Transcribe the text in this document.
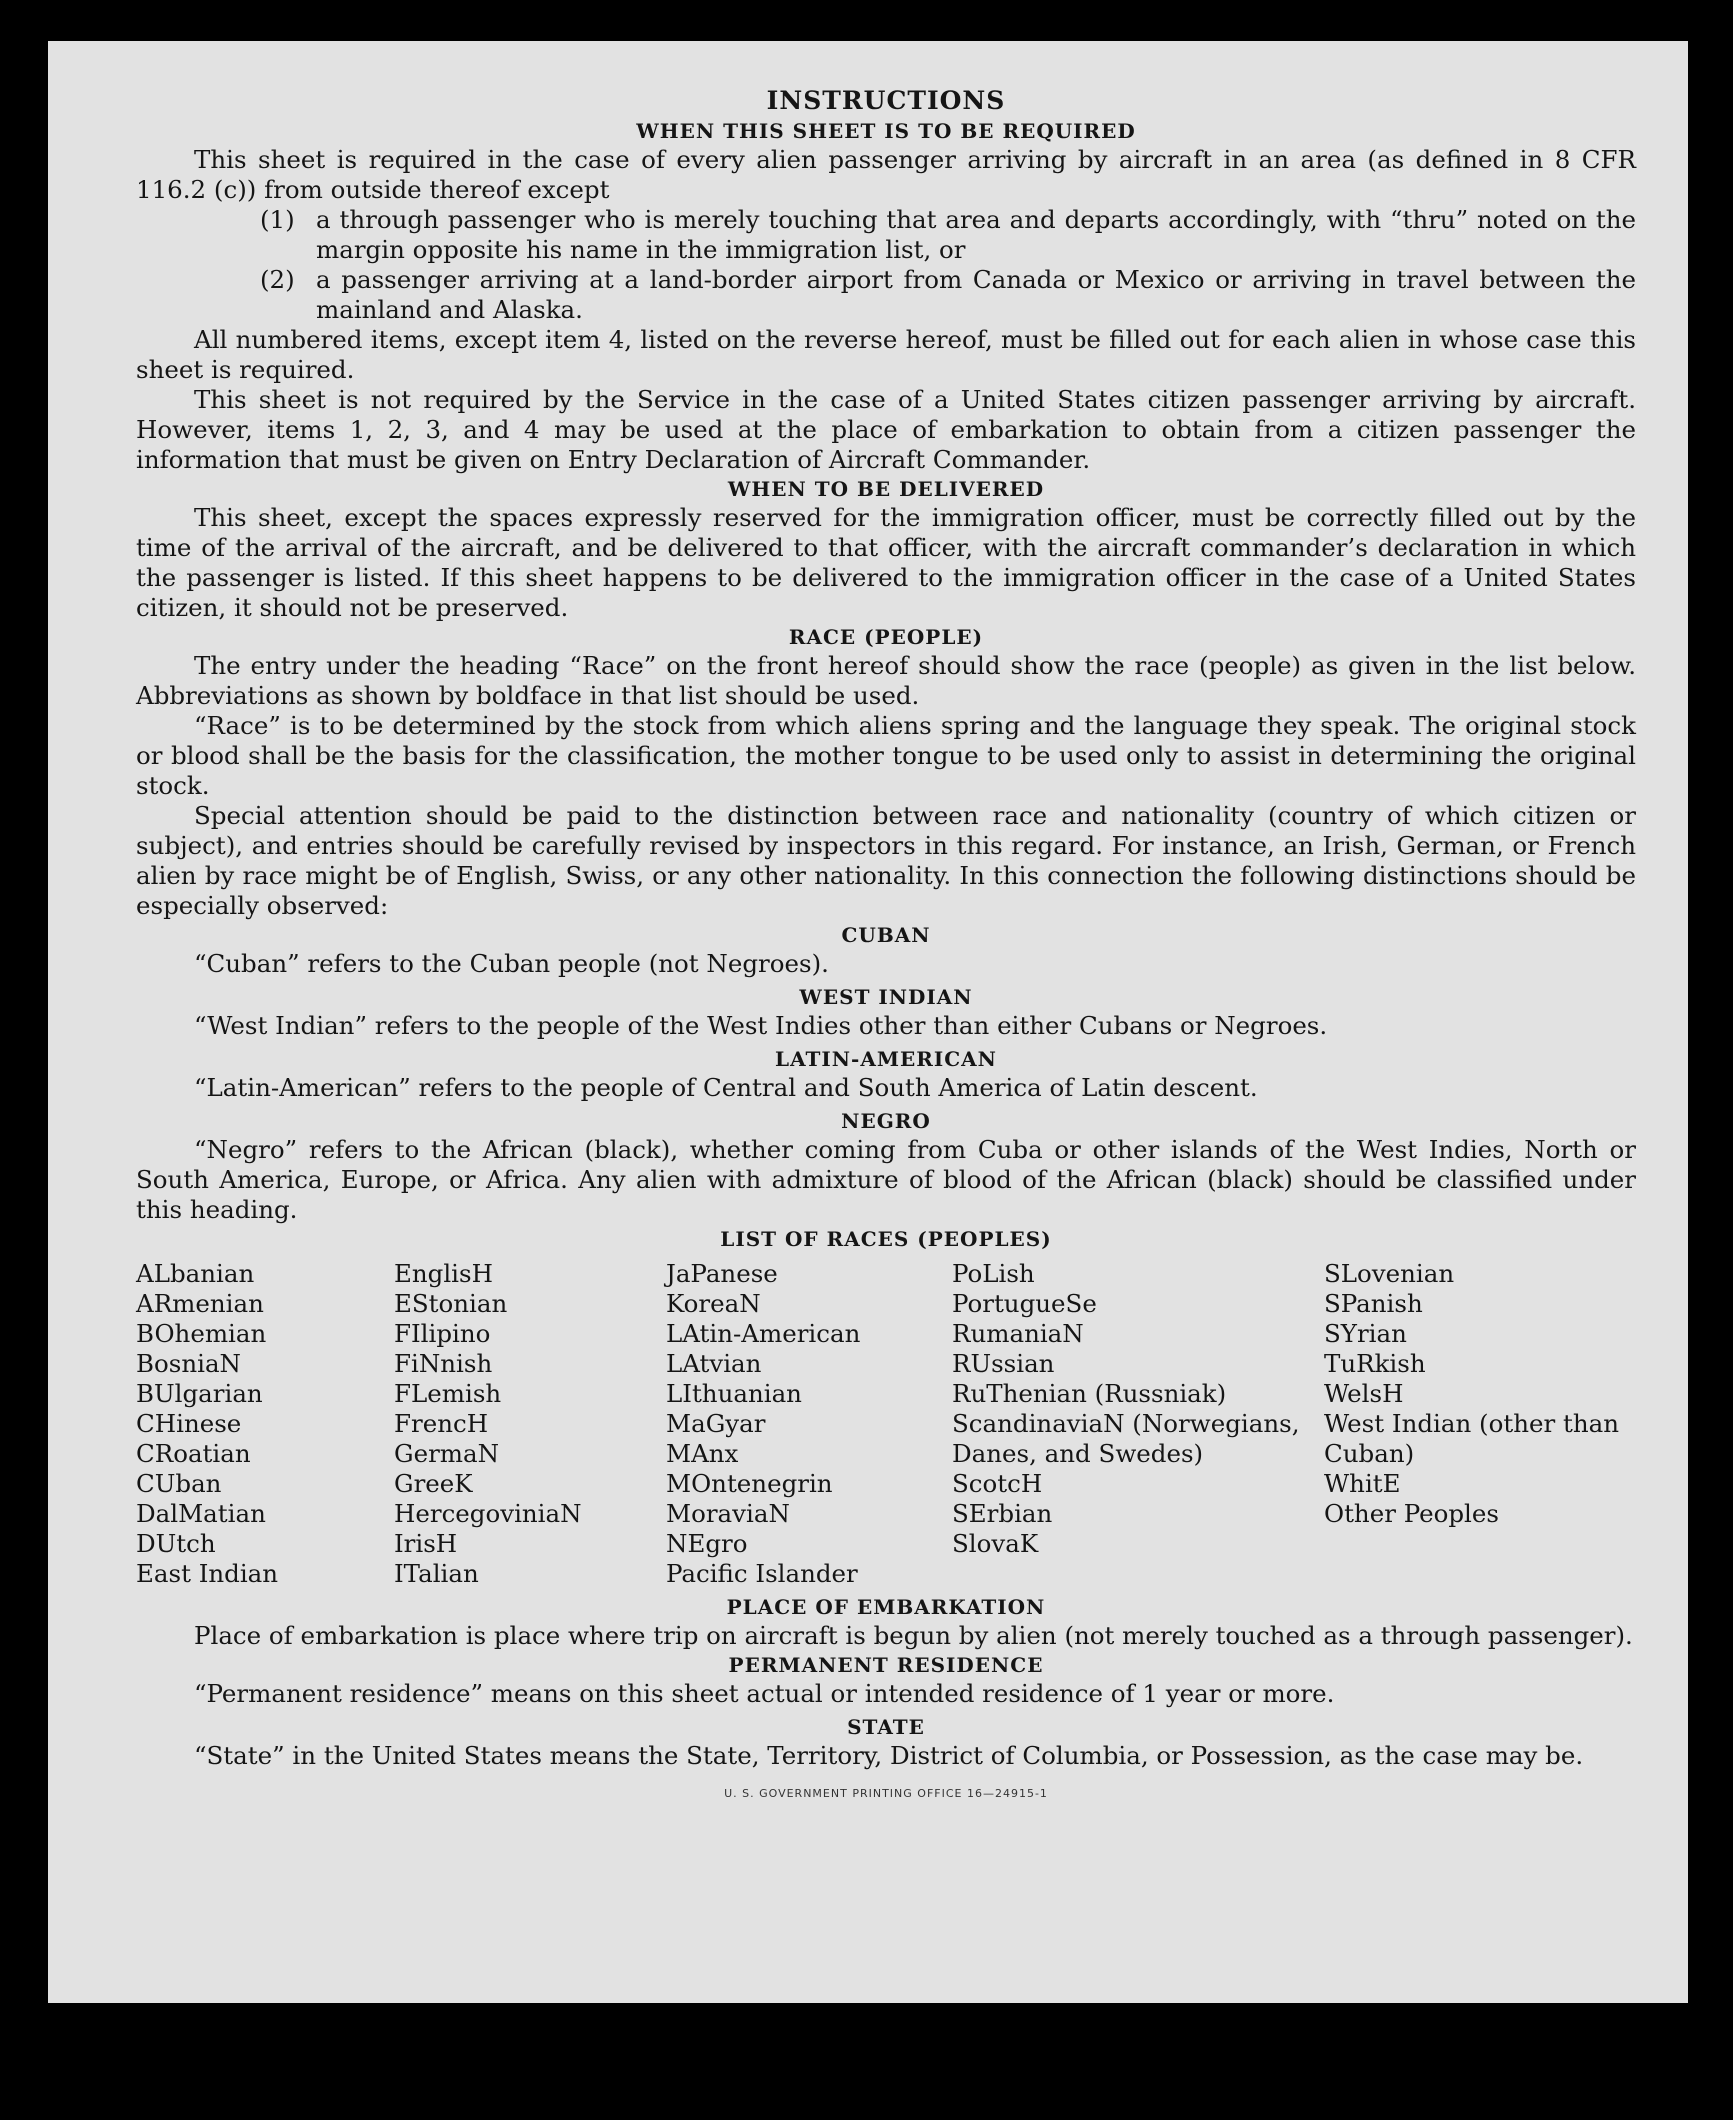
INSTRUCTIONS

WHEN THIS SHEET IS TO BE REQUIRED

This sheet is required in the case of every alien passenger arriving by aircraft in an area (as defined in 8 CFR 116.2 (c)) from outside thereof except

(1) a through passenger who is merely touching that area and departs accordingly, with “thru” noted on the margin opposite his name in the immigration list, or
(2) a passenger arriving at a land-border airport from Canada or Mexico or arriving in travel between the mainland and Alaska.

All numbered items, except item 4, listed on the reverse hereof, must be filled out for each alien in whose case this sheet is required.

This sheet is not required by the Service in the case of a United States citizen passenger arriving by aircraft. However, items 1, 2, 3, and 4 may be used at the place of embarkation to obtain from a citizen passenger the information that must be given on Entry Declaration of Aircraft Commander.

WHEN TO BE DELIVERED

This sheet, except the spaces expressly reserved for the immigration officer, must be correctly filled out by the time of the arrival of the aircraft, and be delivered to that officer, with the aircraft commander’s declaration in which the passenger is listed. If this sheet happens to be delivered to the immigration officer in the case of a United States citizen, it should not be preserved.

RACE (PEOPLE)

The entry under the heading “Race” on the front hereof should show the race (people) as given in the list below. Abbreviations as shown by boldface in that list should be used.

“Race” is to be determined by the stock from which aliens spring and the language they speak. The original stock or blood shall be the basis for the classification, the mother tongue to be used only to assist in determining the original stock.

Special attention should be paid to the distinction between race and nationality (country of which citizen or subject), and entries should be carefully revised by inspectors in this regard. For instance, an Irish, German, or French alien by race might be of English, Swiss, or any other nationality. In this connection the following distinctions should be especially observed:

CUBAN

“Cuban” refers to the Cuban people (not Negroes).

WEST INDIAN

“West Indian” refers to the people of the West Indies other than either Cubans or Negroes.

LATIN-AMERICAN

“Latin-American” refers to the people of Central and South America of Latin descent.

NEGRO

“Negro” refers to the African (black), whether coming from Cuba or other islands of the West Indies, North or South America, Europe, or Africa. Any alien with admixture of blood of the African (black) should be classified under this heading.

LIST OF RACES (PEOPLES)

ALbanian
ARmenian
BOhemian
BosniaN
BUlgarian
CHinese
CRoatian
CUban
DalMatian
DUtch
East Indian
EnglisH
EStonian
FIlipino
FiNnish
FLemish
FrencH
GermaN
GreeK
HercegoviniaN
IrisH
ITalian
JaPanese
KoreaN
LAtin-American
LAtvian
LIthuanian
MaGyar
MAnx
MOntenegrin
MoraviaN
NEgro
Pacific Islander
PoLish
PortugueSe
RumaniaN
RUssian
RuThenian (Russniak)
ScandinaviaN (Norwegians, Danes, and Swedes)
ScotcH
SErbian
SlovaK
SLovenian
SPanish
SYrian
TuRkish
WelsH
West Indian (other than Cuban)
WhitE
Other Peoples

PLACE OF EMBARKATION

Place of embarkation is place where trip on aircraft is begun by alien (not merely touched as a through passenger).

PERMANENT RESIDENCE

“Permanent residence” means on this sheet actual or intended residence of 1 year or more.

STATE

“State” in the United States means the State, Territory, District of Columbia, or Possession, as the case may be.

U. S. GOVERNMENT PRINTING OFFICE 16—24915-1
